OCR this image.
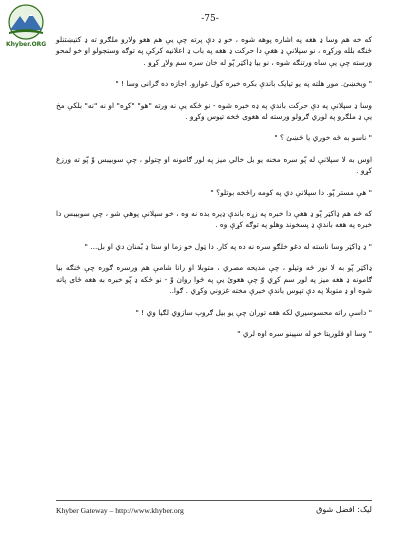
Khyber.ORG
-75-

که خه هم وسا ډ هغه په اشاره پوهه شوه ، خو ډ دې پرته چې یې هم هغو ولارو ملګرو ته ډ کتیښتنلو ځنګه بلله ورکړه ، نو سپلانې ډ هغې دا حرکت ډ هغه په باب ډ اعلانیه کرکې په توګه وسنجولو او خو لمحو ورسته چې یې ساه ورتنګه شوه ، نو بیا ډاکټر پّو له خان سره سم ولاړ کړو .

" وبخښئ. موږ هلته په یو تیایک باندې بکره خبره کول غوارو. اجازه ده ګرانی وسا ! "

وسا ډ سپلانې په دې حرکت باندې په ډه خبره شوه - نو ځکه یې نه ورته "هو" "کړه" او نه "نه" بلکې مخ یې ډ ملګرو په لوري ګرولو ورسته له هغوی څخه تیوس وکړو .

" ناسو به څه خوري یا څښئ ؟ "

اوس به لا سپلانې له پّو سره مخنه یو بل خالي میز په لور ګامونه او چتولو ، چې سوبیبس وّ پّو ته ورزغ کړو .

" هې مستر پّو. دا سپلانې دي په کومه راځخه بوتلو؟ "

که څه هم ډاکټر پّو ډ هغې دا خبره په زړه باندې ډیره بده نه وه ، خو سپلانې پوهې شو ، چې سوبیبس دا خبره په هغه باندې ډ پسخوند وهلو په توګه کړې وه .

" ډ ډاکټر وسا ناسته له دغو خلګو سره نه ده په کار. دا ټول خو زما او ستا ډ بّمنان دي او بل... "

ډاکټر پّو به لا نور څه وتیلو ، چې مدیحه مصري ، متوبلا او رانا شامې هم ورسره ګوره چې څنګه بیا ګامونه ډ هغه میز په لور سم کړي وّ چې هغوئ یې په څوا روان وّ - نو ځکه ډ پّو خبره به هغه ځای پاته شوه او ډ متوبلا په دې تپوس باندې خبرې مخته غزوني وکړي . ګوا..

" داسې راته محسوسیږي لکه هغه توران چې یو بیل ګروپ سازوي لګیا وي ! "

" وسا او فلوریتا خو له سپینو سره اوه لري "

Khyber Gateway – http://www.khyber.org	لیک: افضل شوق
